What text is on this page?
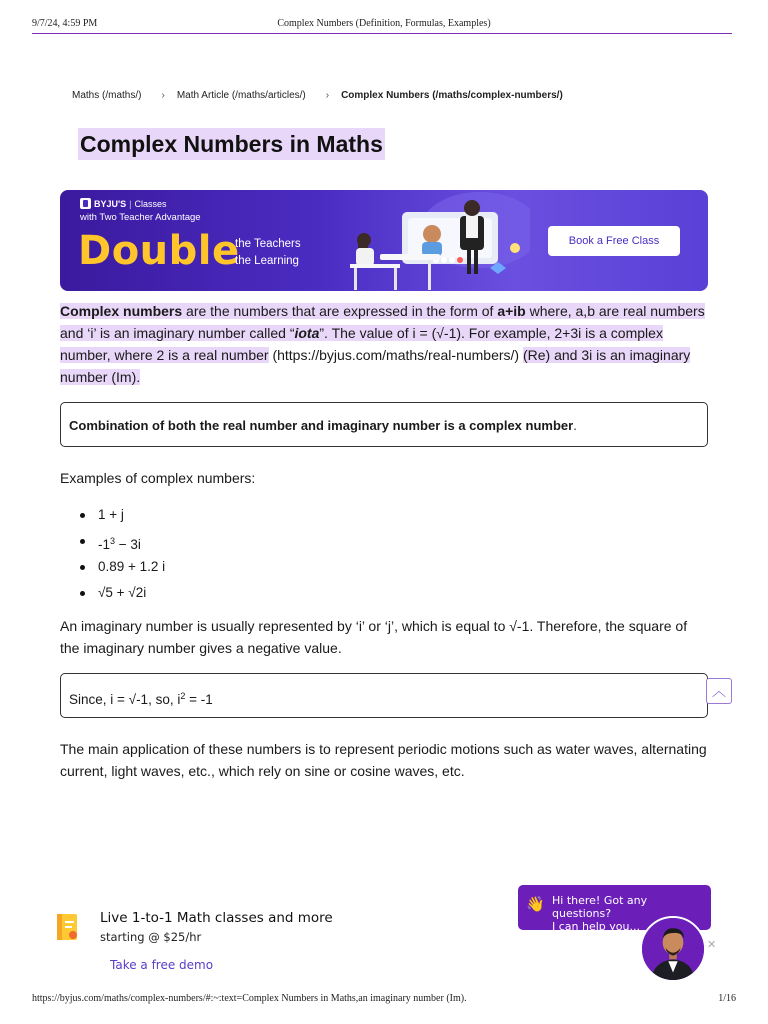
9/7/24, 4:59 PM	Complex Numbers (Definition, Formulas, Examples)
Maths (/maths/) › Math Article (/maths/articles/) › Complex Numbers (/maths/complex-numbers/)
Complex Numbers in Maths
BYJU'S | Classes
with Two Teacher Advantage
Double
the Teachers
the Learning
Book a Free Class

Complex numbers are the numbers that are expressed in the form of a+ib where, a,b are real numbers and ‘i’ is an imaginary number called “iota”. The value of i = (√-1). For example, 2+3i is a complex number, where 2 is a real number (https://byjus.com/maths/real-numbers/) (Re) and 3i is an imaginary number (Im).

Combination of both the real number and imaginary number is a complex number.
Examples of complex numbers:
1 + j
$-1^3 - 3i$
0.89 + 1.2 i
√5 + √2i

An imaginary number is usually represented by ‘i’ or ‘j’, which is equal to √-1. Therefore, the square of the imaginary number gives a negative value.

Since, i = √-1, so, $i^2 = -1$
︿

The main application of these numbers is to represent periodic motions such as water waves, alternating current, light waves, etc., which rely on sine or cosine waves, etc.

Live 1-to-1 Math classes and more
starting @ $25/hr
Take a free demo
👋 Hi there! Got any questions?
I can help you...
✕
https://byjus.com/maths/complex-numbers/#:~:text=Complex Numbers in Maths,an imaginary number (Im).	1/16
